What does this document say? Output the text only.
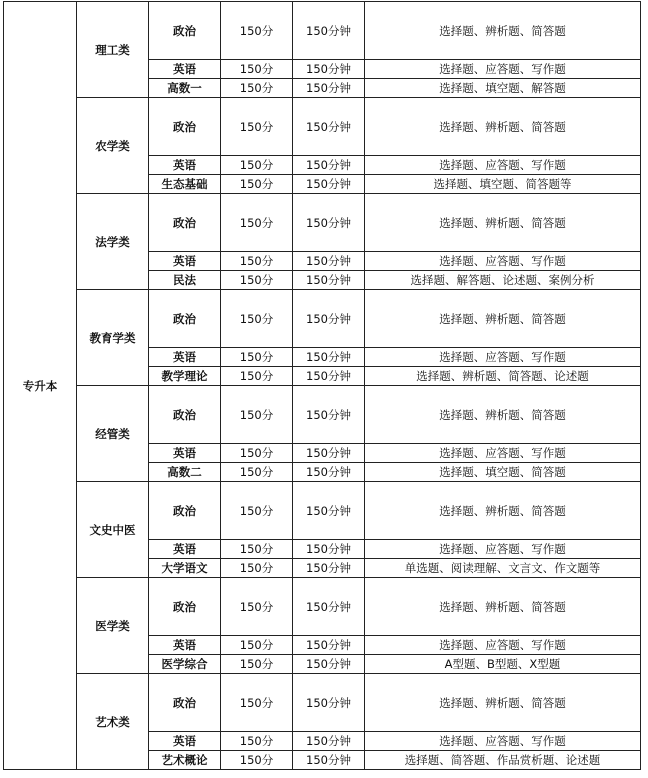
专升本	理工类	政治	150分	150分钟	选择题、辨析题、简答题
		英语	150分	150分钟	选择题、应答题、写作题
		高数一	150分	150分钟	选择题、填空题、解答题
	农学类	政治	150分	150分钟	选择题、辨析题、简答题
		英语	150分	150分钟	选择题、应答题、写作题
		生态基础	150分	150分钟	选择题、填空题、简答题等
	法学类	政治	150分	150分钟	选择题、辨析题、简答题
		英语	150分	150分钟	选择题、应答题、写作题
		民法	150分	150分钟	选择题、解答题、论述题、案例分析
	教育学类	政治	150分	150分钟	选择题、辨析题、简答题
		英语	150分	150分钟	选择题、应答题、写作题
		教学理论	150分	150分钟	选择题、辨析题、简答题、论述题
	经管类	政治	150分	150分钟	选择题、辨析题、简答题
		英语	150分	150分钟	选择题、应答题、写作题
		高数二	150分	150分钟	选择题、填空题、简答题
	文史中医	政治	150分	150分钟	选择题、辨析题、简答题
		英语	150分	150分钟	选择题、应答题、写作题
		大学语文	150分	150分钟	单选题、阅读理解、文言文、作文题等
	医学类	政治	150分	150分钟	选择题、辨析题、简答题
		英语	150分	150分钟	选择题、应答题、写作题
		医学综合	150分	150分钟	A型题、B型题、X型题
	艺术类	政治	150分	150分钟	选择题、辨析题、简答题
		英语	150分	150分钟	选择题、应答题、写作题
		艺术概论	150分	150分钟	选择题、简答题、作品赏析题、论述题
